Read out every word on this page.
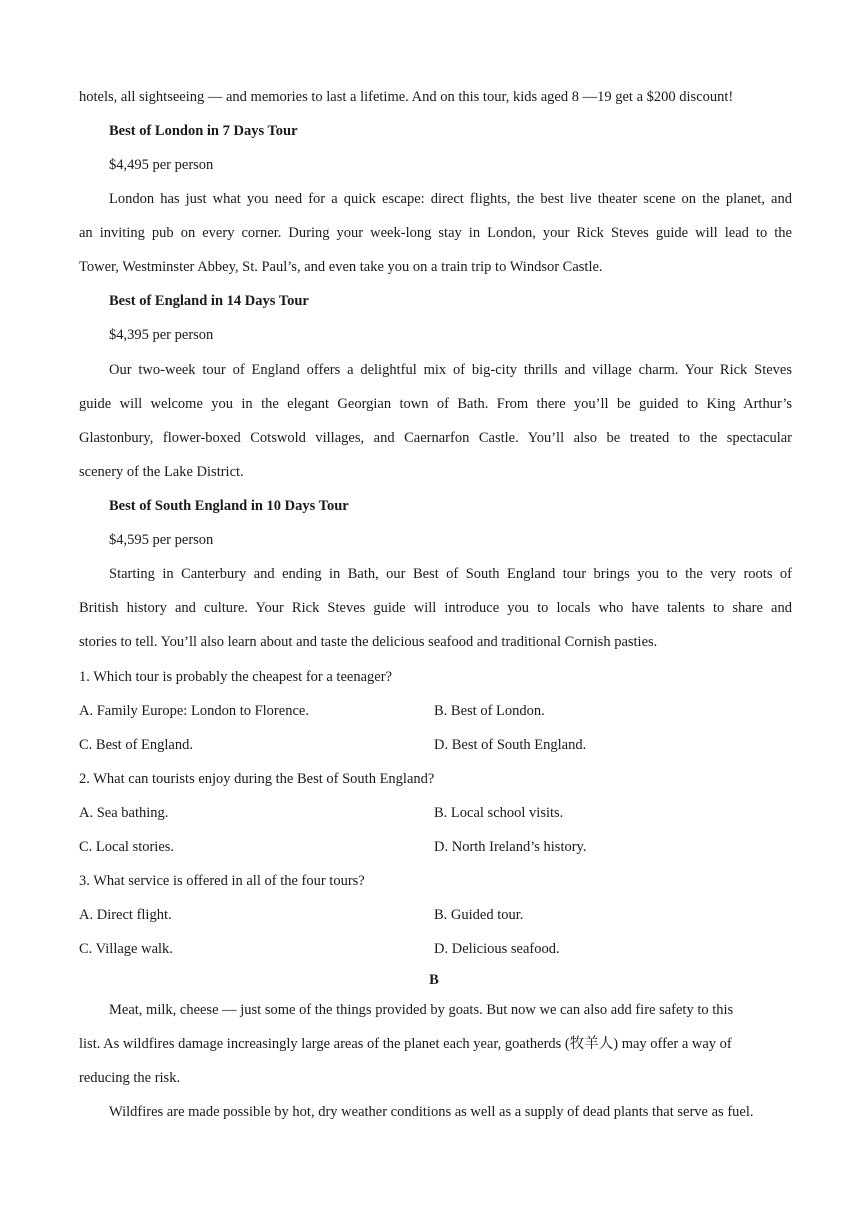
hotels, all sightseeing — and memories to last a lifetime. And on this tour, kids aged 8 —19 get a $200 discount!
Best of London in 7 Days Tour
$4,495 per person
London has just what you need for a quick escape: direct flights, the best live theater scene on the planet, and
an inviting pub on every corner. During your week-long stay in London, your Rick Steves guide will lead to the
Tower, Westminster Abbey, St. Paul’s, and even take you on a train trip to Windsor Castle.
Best of England in 14 Days Tour
$4,395 per person
Our two-week tour of England offers a delightful mix of big-city thrills and village charm. Your Rick Steves
guide will welcome you in the elegant Georgian town of Bath. From there you’ll be guided to King Arthur’s
Glastonbury, flower-boxed Cotswold villages, and Caernarfon Castle. You’ll also be treated to the spectacular
scenery of the Lake District.
Best of South England in 10 Days Tour
$4,595 per person
Starting in Canterbury and ending in Bath, our Best of South England tour brings you to the very roots of
British history and culture. Your Rick Steves guide will introduce you to locals who have talents to share and
stories to tell. You’ll also learn about and taste the delicious seafood and traditional Cornish pasties.
1. Which tour is probably the cheapest for a teenager?
A. Family Europe: London to Florence.	B. Best of London.
C. Best of England.	D. Best of South England.
2. What can tourists enjoy during the Best of South England?
A. Sea bathing.	B. Local school visits.
C. Local stories.	D. North Ireland’s history.
3. What service is offered in all of the four tours?
A. Direct flight.	B. Guided tour.
C. Village walk.	D. Delicious seafood.
B
Meat, milk, cheese — just some of the things provided by goats. But now we can also add fire safety to this
list. As wildfires damage increasingly large areas of the planet each year, goatherds (牧羊人) may offer a way of
reducing the risk.
Wildfires are made possible by hot, dry weather conditions as well as a supply of dead plants that serve as fuel.
